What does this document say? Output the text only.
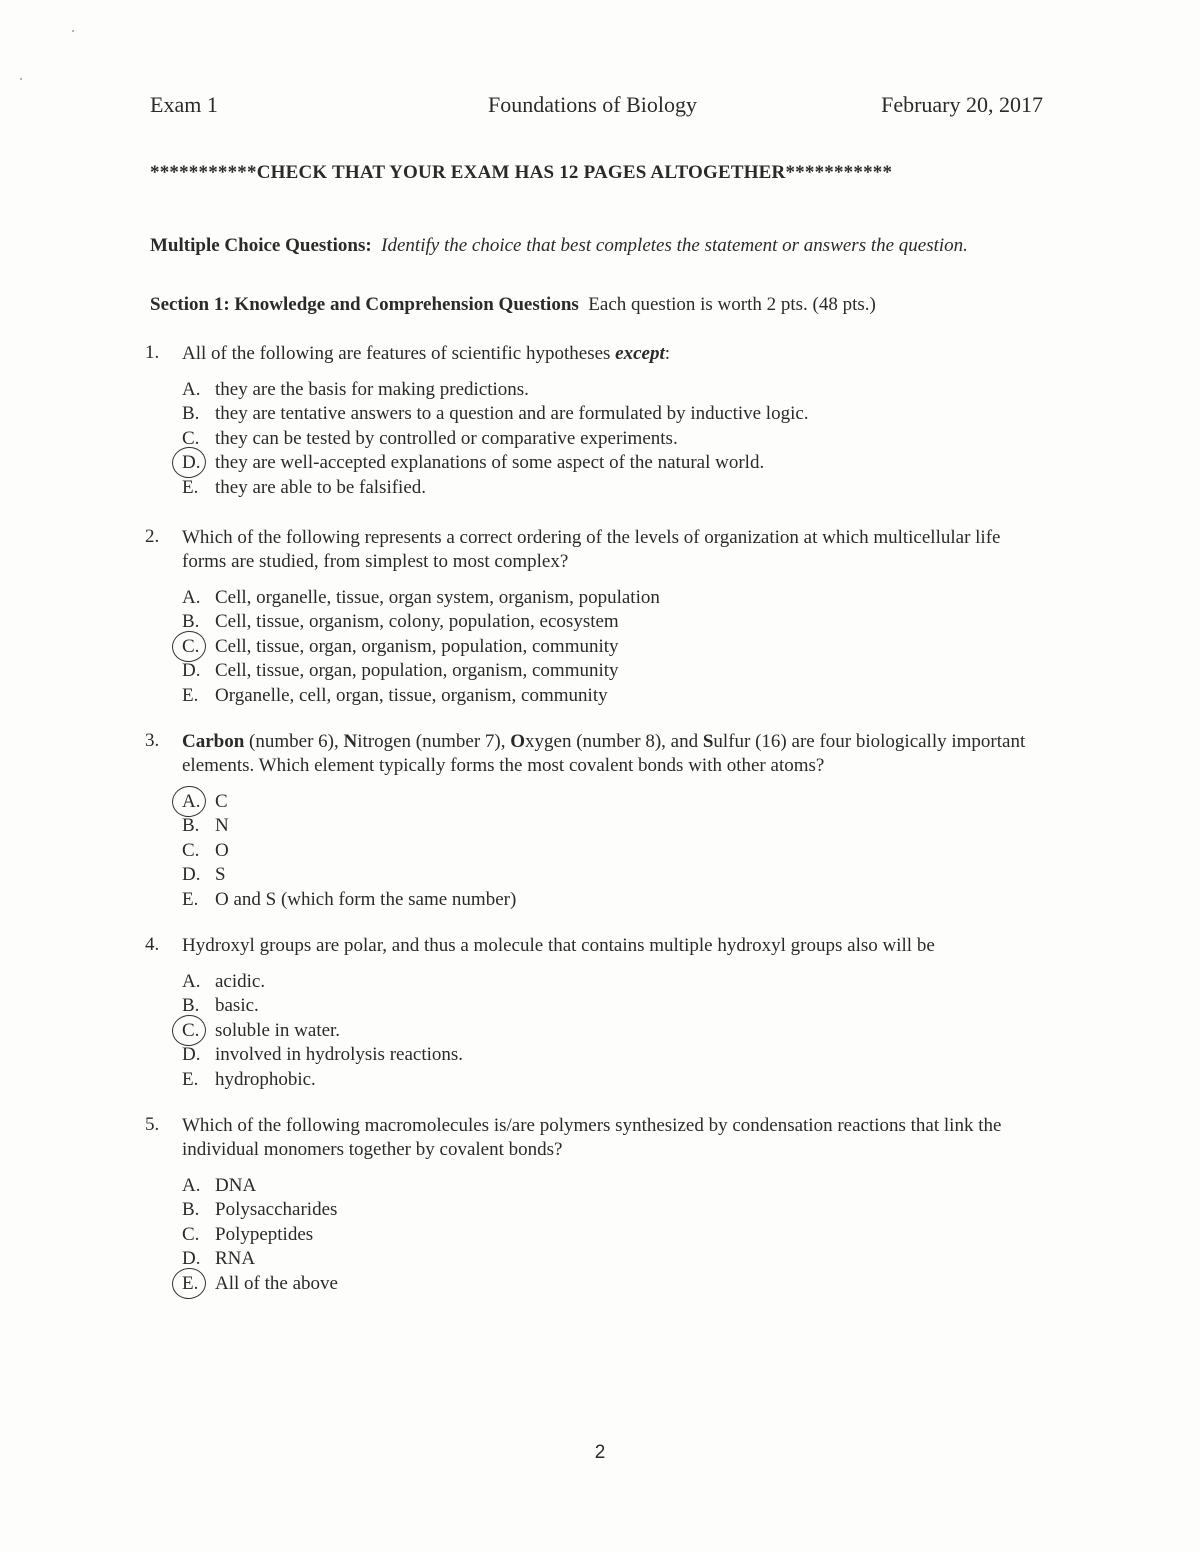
Exam 1	Foundations of Biology	February 20, 2017
***********CHECK THAT YOUR EXAM HAS 12 PAGES ALTOGETHER***********
Multiple Choice Questions: Identify the choice that best completes the statement or answers the question.
Section 1: Knowledge and Comprehension Questions Each question is worth 2 pts. (48 pts.)
1.	All of the following are features of scientific hypotheses except:
A. they are the basis for making predictions.
B. they are tentative answers to a question and are formulated by inductive logic.
C. they can be tested by controlled or comparative experiments.
D. they are well-accepted explanations of some aspect of the natural world.
E. they are able to be falsified.
2.	Which of the following represents a correct ordering of the levels of organization at which multicellular life forms are studied, from simplest to most complex?
A. Cell, organelle, tissue, organ system, organism, population
B. Cell, tissue, organism, colony, population, ecosystem
C. Cell, tissue, organ, organism, population, community
D. Cell, tissue, organ, population, organism, community
E. Organelle, cell, organ, tissue, organism, community
3.	Carbon (number 6), Nitrogen (number 7), Oxygen (number 8), and Sulfur (16) are four biologically important elements. Which element typically forms the most covalent bonds with other atoms?
A. C
B. N
C. O
D. S
E. O and S (which form the same number)
4.	Hydroxyl groups are polar, and thus a molecule that contains multiple hydroxyl groups also will be
A. acidic.
B. basic.
C. soluble in water.
D. involved in hydrolysis reactions.
E. hydrophobic.
5.	Which of the following macromolecules is/are polymers synthesized by condensation reactions that link the individual monomers together by covalent bonds?
A. DNA
B. Polysaccharides
C. Polypeptides
D. RNA
E. All of the above
2
